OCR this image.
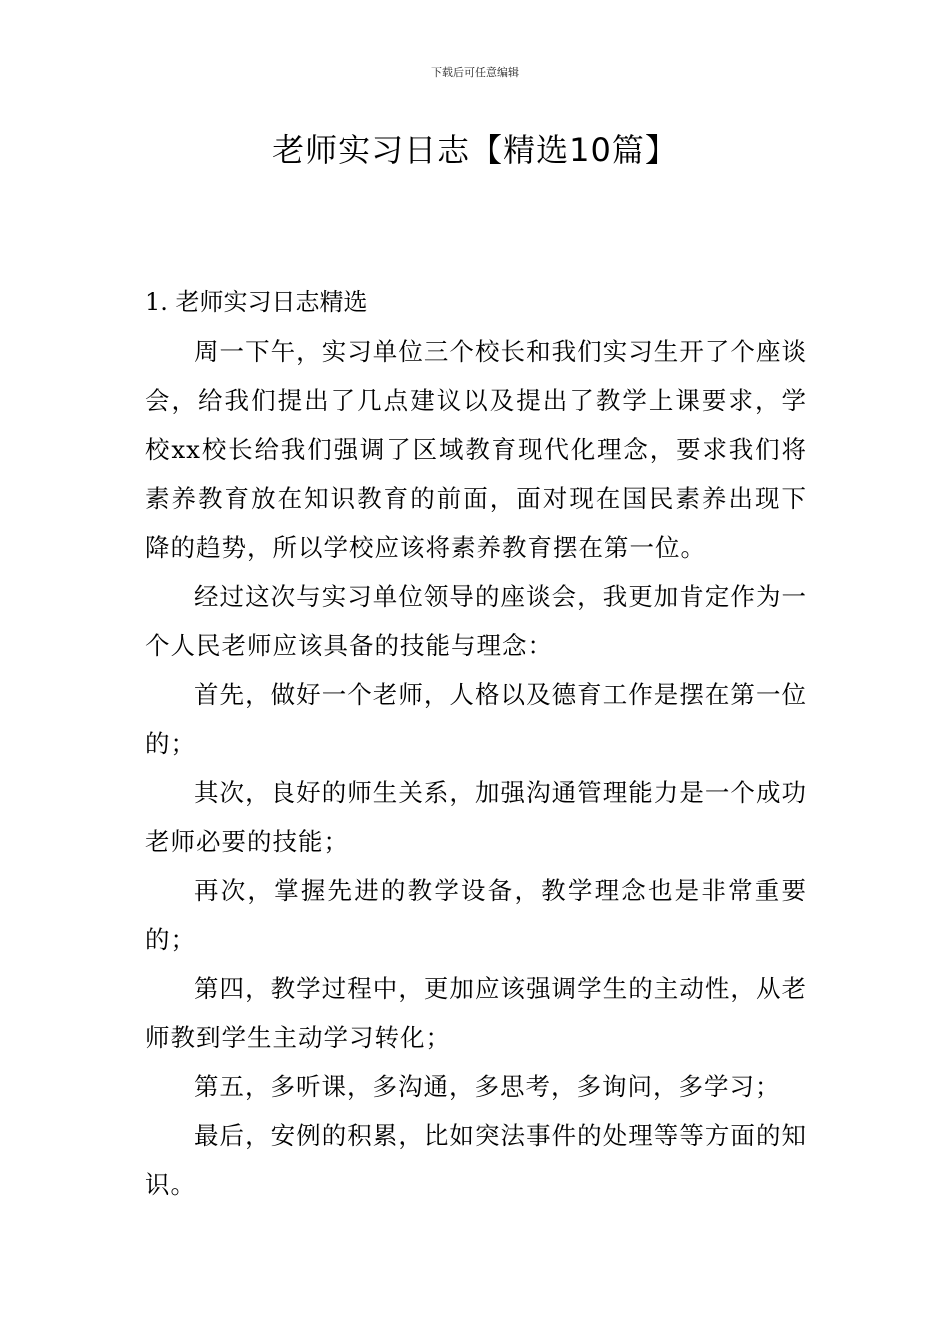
下载后可任意编辑
老师实习日志【精选10篇】

1. 老师实习日志精选

周一下午，实习单位三个校长和我们实习生开了个座谈会，给我们提出了几点建议以及提出了教学上课要求，学校xx校长给我们强调了区域教育现代化理念，要求我们将素养教育放在知识教育的前面，面对现在国民素养出现下降的趋势，所以学校应该将素养教育摆在第一位。

经过这次与实习单位领导的座谈会，我更加肯定作为一个人民老师应该具备的技能与理念：

首先，做好一个老师，人格以及德育工作是摆在第一位的；

其次，良好的师生关系，加强沟通管理能力是一个成功老师必要的技能；

再次，掌握先进的教学设备，教学理念也是非常重要的；

第四，教学过程中，更加应该强调学生的主动性，从老师教到学生主动学习转化；

第五，多听课，多沟通，多思考，多询问，多学习；

最后，安例的积累，比如突法事件的处理等等方面的知识。
